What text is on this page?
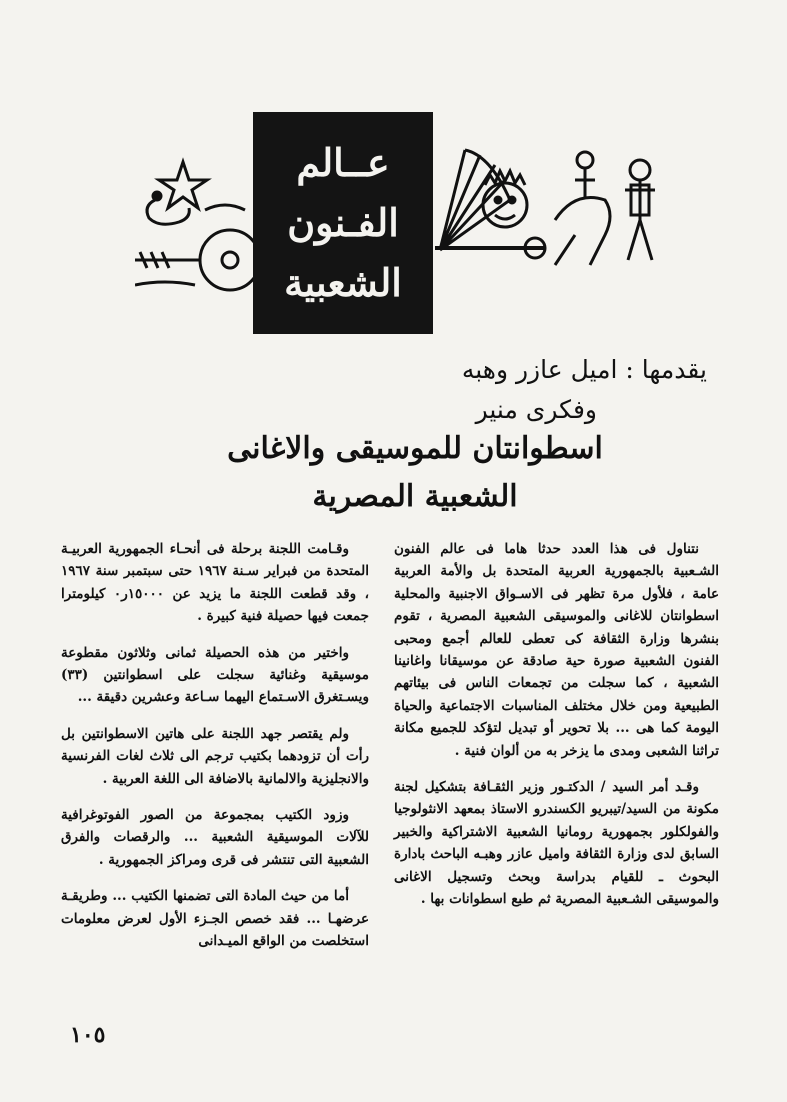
عــالم
الفـنون
الشعبية
يقدمها : اميل عازر وهبه
وفكرى منير
اسطوانتان للموسيقى والاغانى
الشعبية المصرية

نتناول فى هذا العدد حدثا هاما فى عالم الفنون الشـعبية بالجمهورية العربية المتحدة بل والأمة العربية عامة ، فلأول مرة تظهر فى الاسـواق الاجنبية والمحلية اسطوانتان للاغانى والموسيقى الشعبية المصرية ، تقوم بنشرها وزارة الثقافة كى تعطى للعالم أجمع ومحبى الفنون الشعبية صورة حية صادقة عن موسيقانا واغانينا الشعبية ، كما سجلت من تجمعات الناس فى بيئاتهم الطبيعية ومن خلال مختلف المناسبات الاجتماعية والحياة اليومة كما هى ... بلا تحوير أو تبديل لتؤكد للجميع مكانة تراثنا الشعبى ومدى ما يزخر به من ألوان فنية .

وقـد أمر السيد / الدكتـور وزير الثقـافة بتشكيل لجنة مكونة من السيد/تيبريو الكسندرو الاستاذ بمعهد الانثولوجيا والفولكلور بجمهورية رومانيا الشعبية الاشتراكية والخبير السابق لدى وزارة الثقافة واميل عازر وهبـه الباحث بادارة البحوث ـ للقيام بدراسة وبحث وتسجيل الاغانى والموسيقى الشـعبية المصرية ثم طبع اسطوانات بها .

وقـامت اللجنة برحلة فى أنحـاء الجمهورية العربيـة المتحدة من فبراير سـنة ١٩٦٧ حتى سبتمبر سنة ١٩٦٧ ، وقد قطعت اللجنة ما يزيد عن ١٥٠٠٠ر٠ كيلومترا جمعت فيها حصيلة فنية كبيرة .

واختير من هذه الحصيلة ثمانى وثلاثون مقطوعة موسيقية وغنائية سجلت على اسطوانتين (٣٣) ويسـتغرق الاسـتماع اليهما سـاعة وعشرين دقيقة ...

ولم يقتصر جهد اللجنة على هاتين الاسطوانتين بل رأت أن تزودهما بكتيب ترجم الى ثلاث لغات الفرنسية والانجليزية والالمانية بالاضافة الى اللغة العربية .

وزود الكتيب بمجموعة من الصور الفوتوغرافية للآلات الموسيقية الشعبية ... والرقصات والفرق الشعبية التى تنتشر فى قرى ومراكز الجمهورية .

أما من حيث المادة التى تضمنها الكتيب ... وطريقـة عرضهـا ... فقد خصص الجـزء الأول لعرض معلومات استخلصت من الواقع الميـدانى

١٠٥
